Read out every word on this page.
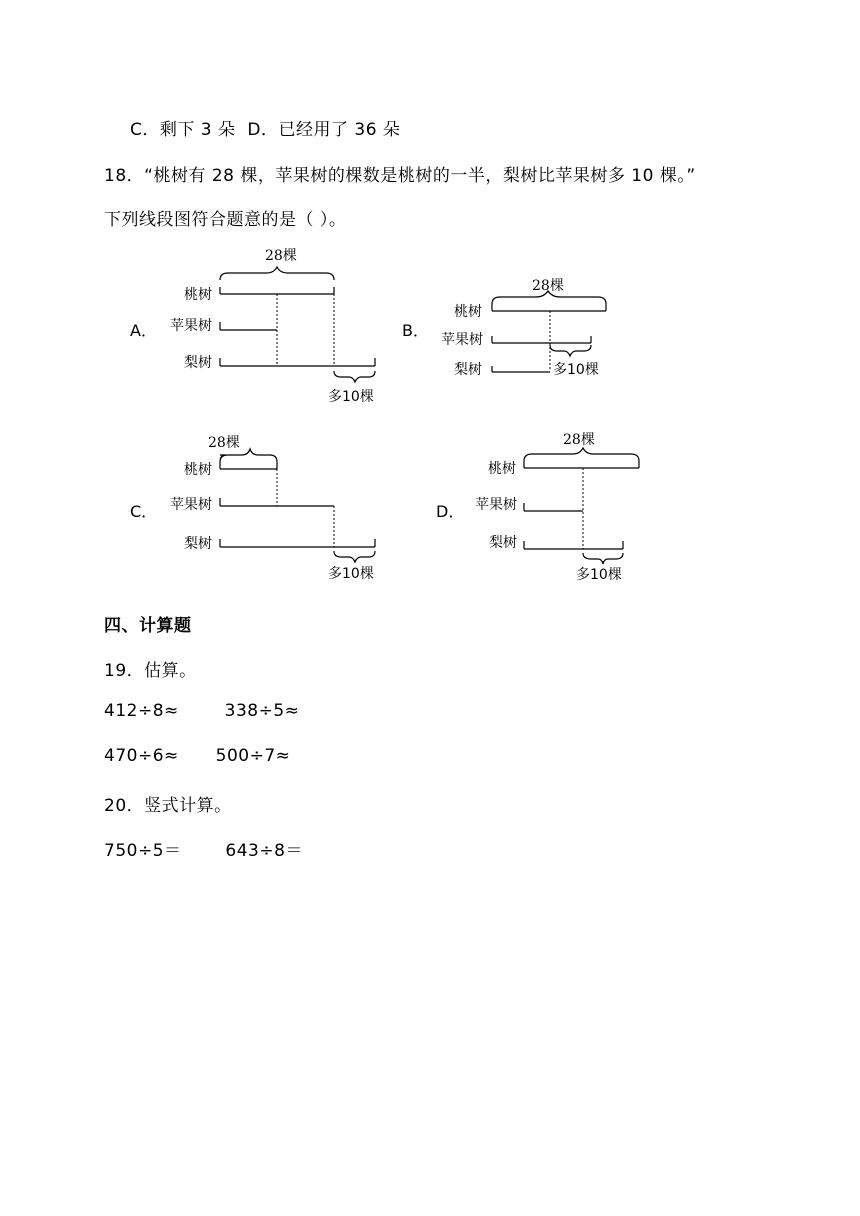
C．剩下 3 朵 D．已经用了 36 朵
18．“桃树有 28 棵，苹果树的棵数是桃树的一半，梨树比苹果树多 10 棵。”
下列线段图符合题意的是（ ）。
A．	B．
C．	D．
28棵
桃树
苹果树
梨树
多10棵
28棵
桃树
苹果树
梨树	多10棵
28棵
桃树
苹果树
梨树
多10棵
28棵
桃树
苹果树
梨树
多10棵
四、计算题
19．估算。
412÷8≈	338÷5≈
470÷6≈ 500÷7≈
20．竖式计算。
750÷5＝	643÷8＝
